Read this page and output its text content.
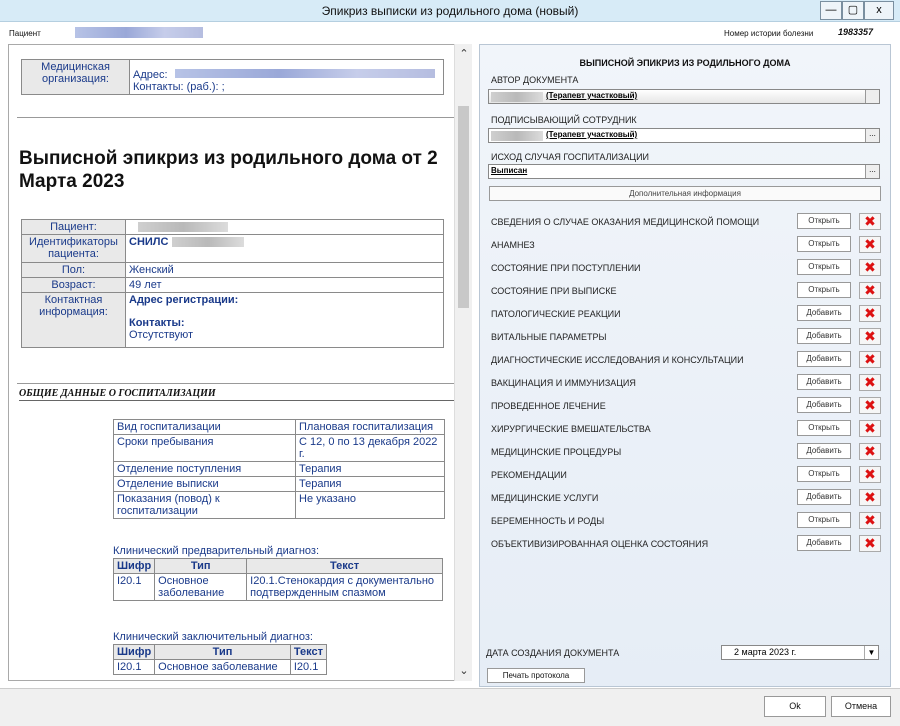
Эпикриз выписки из родильного дома (новый)	—	▢	x
Пациент	Номер истории болезни	1983357
Медицинская организация:	Адрес:
Контакты: (раб.): ;
Выписной эпикриз из родильного дома от 2 Марта 2023
Пациент:	

Идентификаторы пациента:	СНИЛС

Пол:	Женский
Возраст:	49 лет
Контактная информация:	Адрес регистрации:
Контакты:
Отсутствуют
ОБЩИЕ ДАННЫЕ О ГОСПИТАЛИЗАЦИИ
Вид госпитализации	Плановая госпитализация
Сроки пребывания	С 12, 0 по 13 декабря 2022 г.
Отделение поступления	Терапия
Отделение выписки	Терапия
Показания (повод) к госпитализации	Не указано
Клинический предварительный диагноз:
Шифр	Тип	Текст
I20.1	Основное заболевание	I20.1.Стенокардия с документально подтвержденным спазмом
Клинический заключительный диагноз:
Шифр	Тип	Текст
I20.1	Основное заболевание	I20.1
⌃
⌄
ВЫПИСНОЙ ЭПИКРИЗ ИЗ РОДИЛЬНОГО ДОМА
АВТОР ДОКУМЕНТА
(Терапевт участковый)
ПОДПИСЫВАЮЩИЙ СОТРУДНИК
(Терапевт участковый)	...
ИСХОД СЛУЧАЯ ГОСПИТАЛИЗАЦИИ
Выписан	...
Дополнительная информация
СВЕДЕНИЯ О СЛУЧАЕ ОКАЗАНИЯ МЕДИЦИНСКОЙ ПОМОЩИ	Открыть	✖
АНАМНЕЗ	Открыть	✖
СОСТОЯНИЕ ПРИ ПОСТУПЛЕНИИ	Открыть	✖
СОСТОЯНИЕ ПРИ ВЫПИСКЕ	Открыть	✖
ПАТОЛОГИЧЕСКИЕ РЕАКЦИИ	Добавить	✖
ВИТАЛЬНЫЕ ПАРАМЕТРЫ	Добавить	✖
ДИАГНОСТИЧЕСКИЕ ИССЛЕДОВАНИЯ И КОНСУЛЬТАЦИИ	Добавить	✖
ВАКЦИНАЦИЯ И ИММУНИЗАЦИЯ	Добавить	✖
ПРОВЕДЕННОЕ ЛЕЧЕНИЕ	Добавить	✖
ХИРУРГИЧЕСКИЕ ВМЕШАТЕЛЬСТВА	Открыть	✖
МЕДИЦИНСКИЕ ПРОЦЕДУРЫ	Добавить	✖
РЕКОМЕНДАЦИИ	Открыть	✖
МЕДИЦИНСКИЕ УСЛУГИ	Добавить	✖
БЕРЕМЕННОСТЬ И РОДЫ	Открыть	✖
ОБЪЕКТИВИЗИРОВАННАЯ ОЦЕНКА СОСТОЯНИЯ	Добавить	✖
ДАТА СОЗДАНИЯ ДОКУМЕНТА
Печать протокола
2 марта 2023 г.	▼
Ok	Отмена
